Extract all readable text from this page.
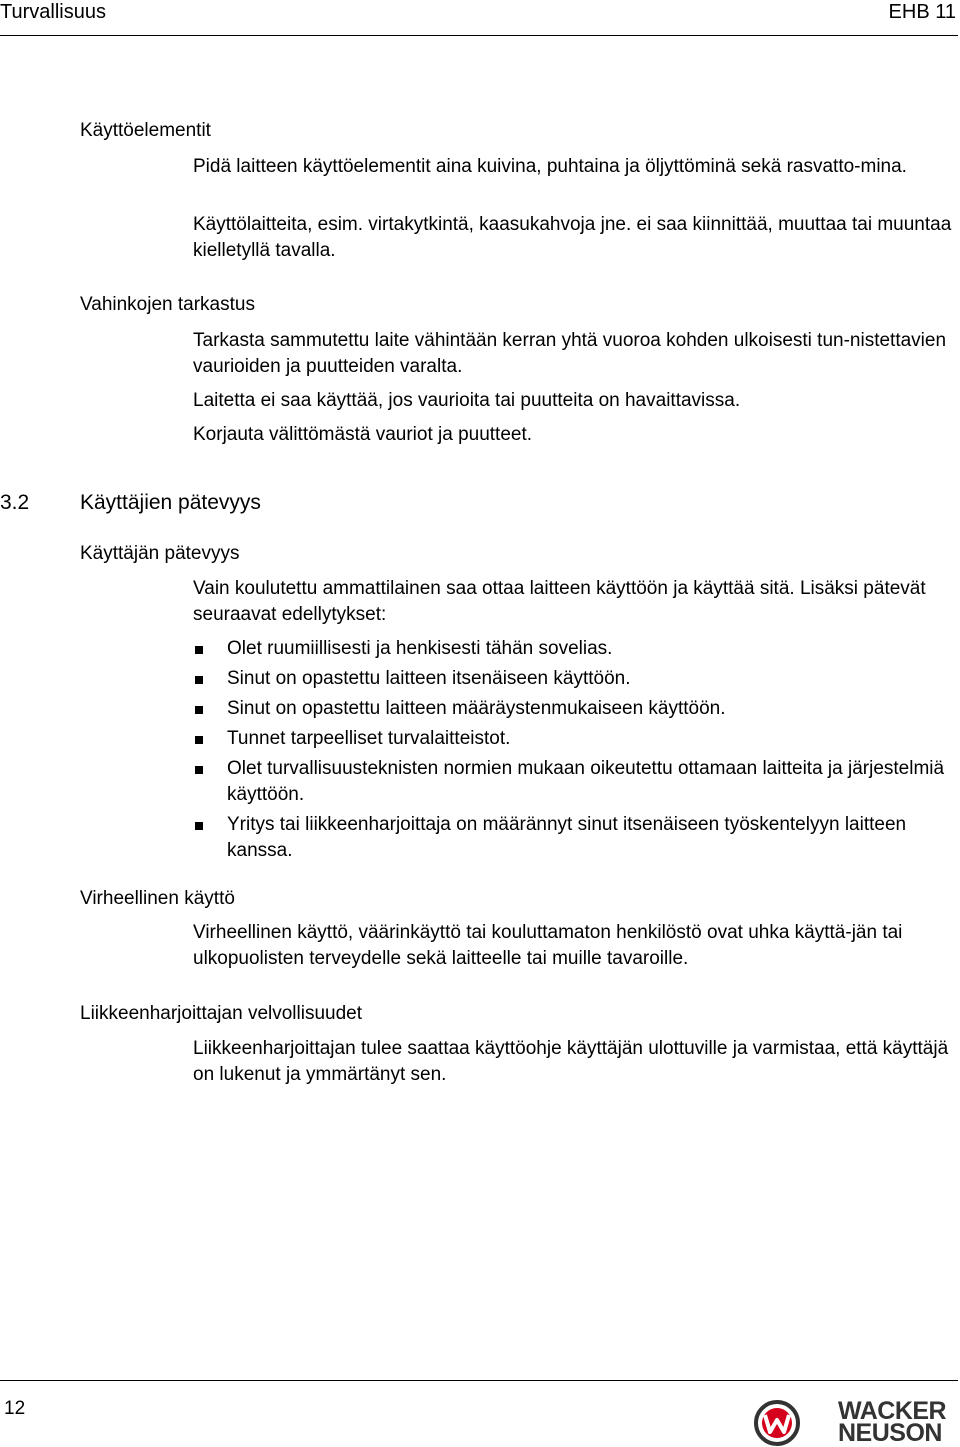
Turvallisuus	EHB 11
Käyttöelementit
Pidä laitteen käyttöelementit aina kuivina, puhtaina ja öljyttöminä sekä rasvatto-mina.
Käyttölaitteita, esim. virtakytkintä, kaasukahvoja jne. ei saa kiinnittää, muuttaa tai muuntaa kielletyllä tavalla.
Vahinkojen tarkastus
Tarkasta sammutettu laite vähintään kerran yhtä vuoroa kohden ulkoisesti tun-nistettavien vaurioiden ja puutteiden varalta.
Laitetta ei saa käyttää, jos vaurioita tai puutteita on havaittavissa.
Korjauta välittömästä vauriot ja puutteet.
3.2 Käyttäjien pätevyys
Käyttäjän pätevyys
Vain koulutettu ammattilainen saa ottaa laitteen käyttöön ja käyttää sitä. Lisäksi pätevät seuraavat edellytykset:
Olet ruumiillisesti ja henkisesti tähän sovelias.
Sinut on opastettu laitteen itsenäiseen käyttöön.
Sinut on opastettu laitteen määräystenmukaiseen käyttöön.
Tunnet tarpeelliset turvalaitteistot.
Olet turvallisuusteknisten normien mukaan oikeutettu ottamaan laitteita ja järjestelmiä käyttöön.
Yritys tai liikkeenharjoittaja on määrännyt sinut itsenäiseen työskentelyyn laitteen kanssa.
Virheellinen käyttö
Virheellinen käyttö, väärinkäyttö tai kouluttamaton henkilöstö ovat uhka käyttä-jän tai ulkopuolisten terveydelle sekä laitteelle tai muille tavaroille.
Liikkeenharjoittajan velvollisuudet
Liikkeenharjoittajan tulee saattaa käyttöohje käyttäjän ulottuville ja varmistaa, että käyttäjä on lukenut ja ymmärtänyt sen.
12	WACKER
NEUSON
